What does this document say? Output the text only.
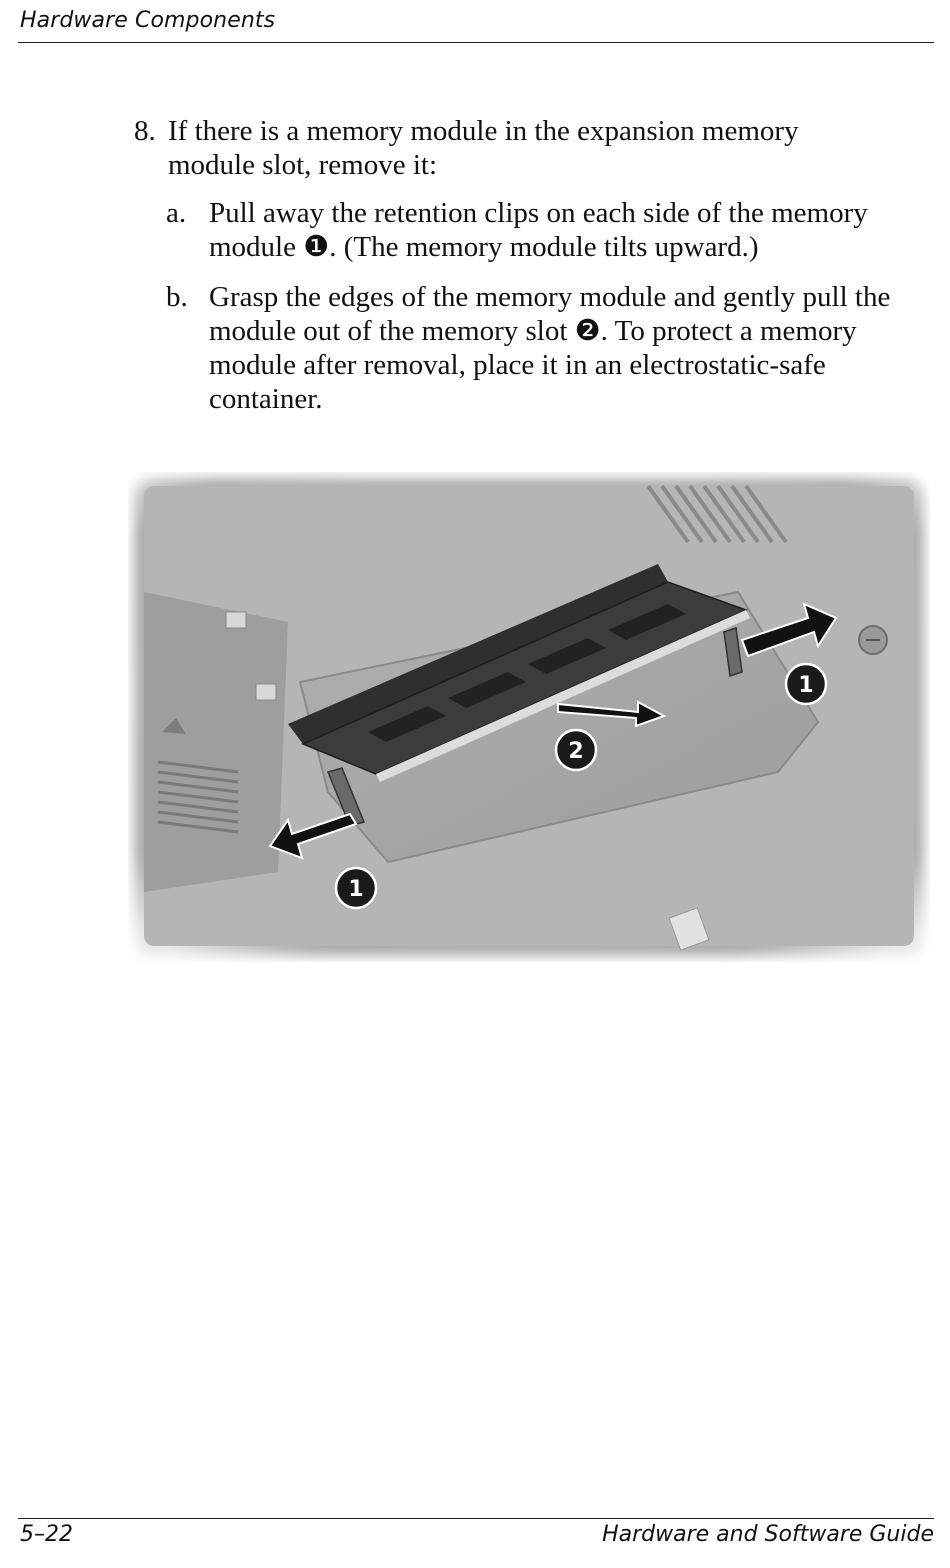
Hardware Components
8. If there is a memory module in the expansion memory module slot, remove it:
a. Pull away the retention clips on each side of the memory module ❶. (The memory module tilts upward.)
b. Grasp the edges of the memory module and gently pull the module out of the memory slot ❷. To protect a memory module after removal, place it in an electrostatic-safe container.
1
2
1
5–22	Hardware and Software Guide
